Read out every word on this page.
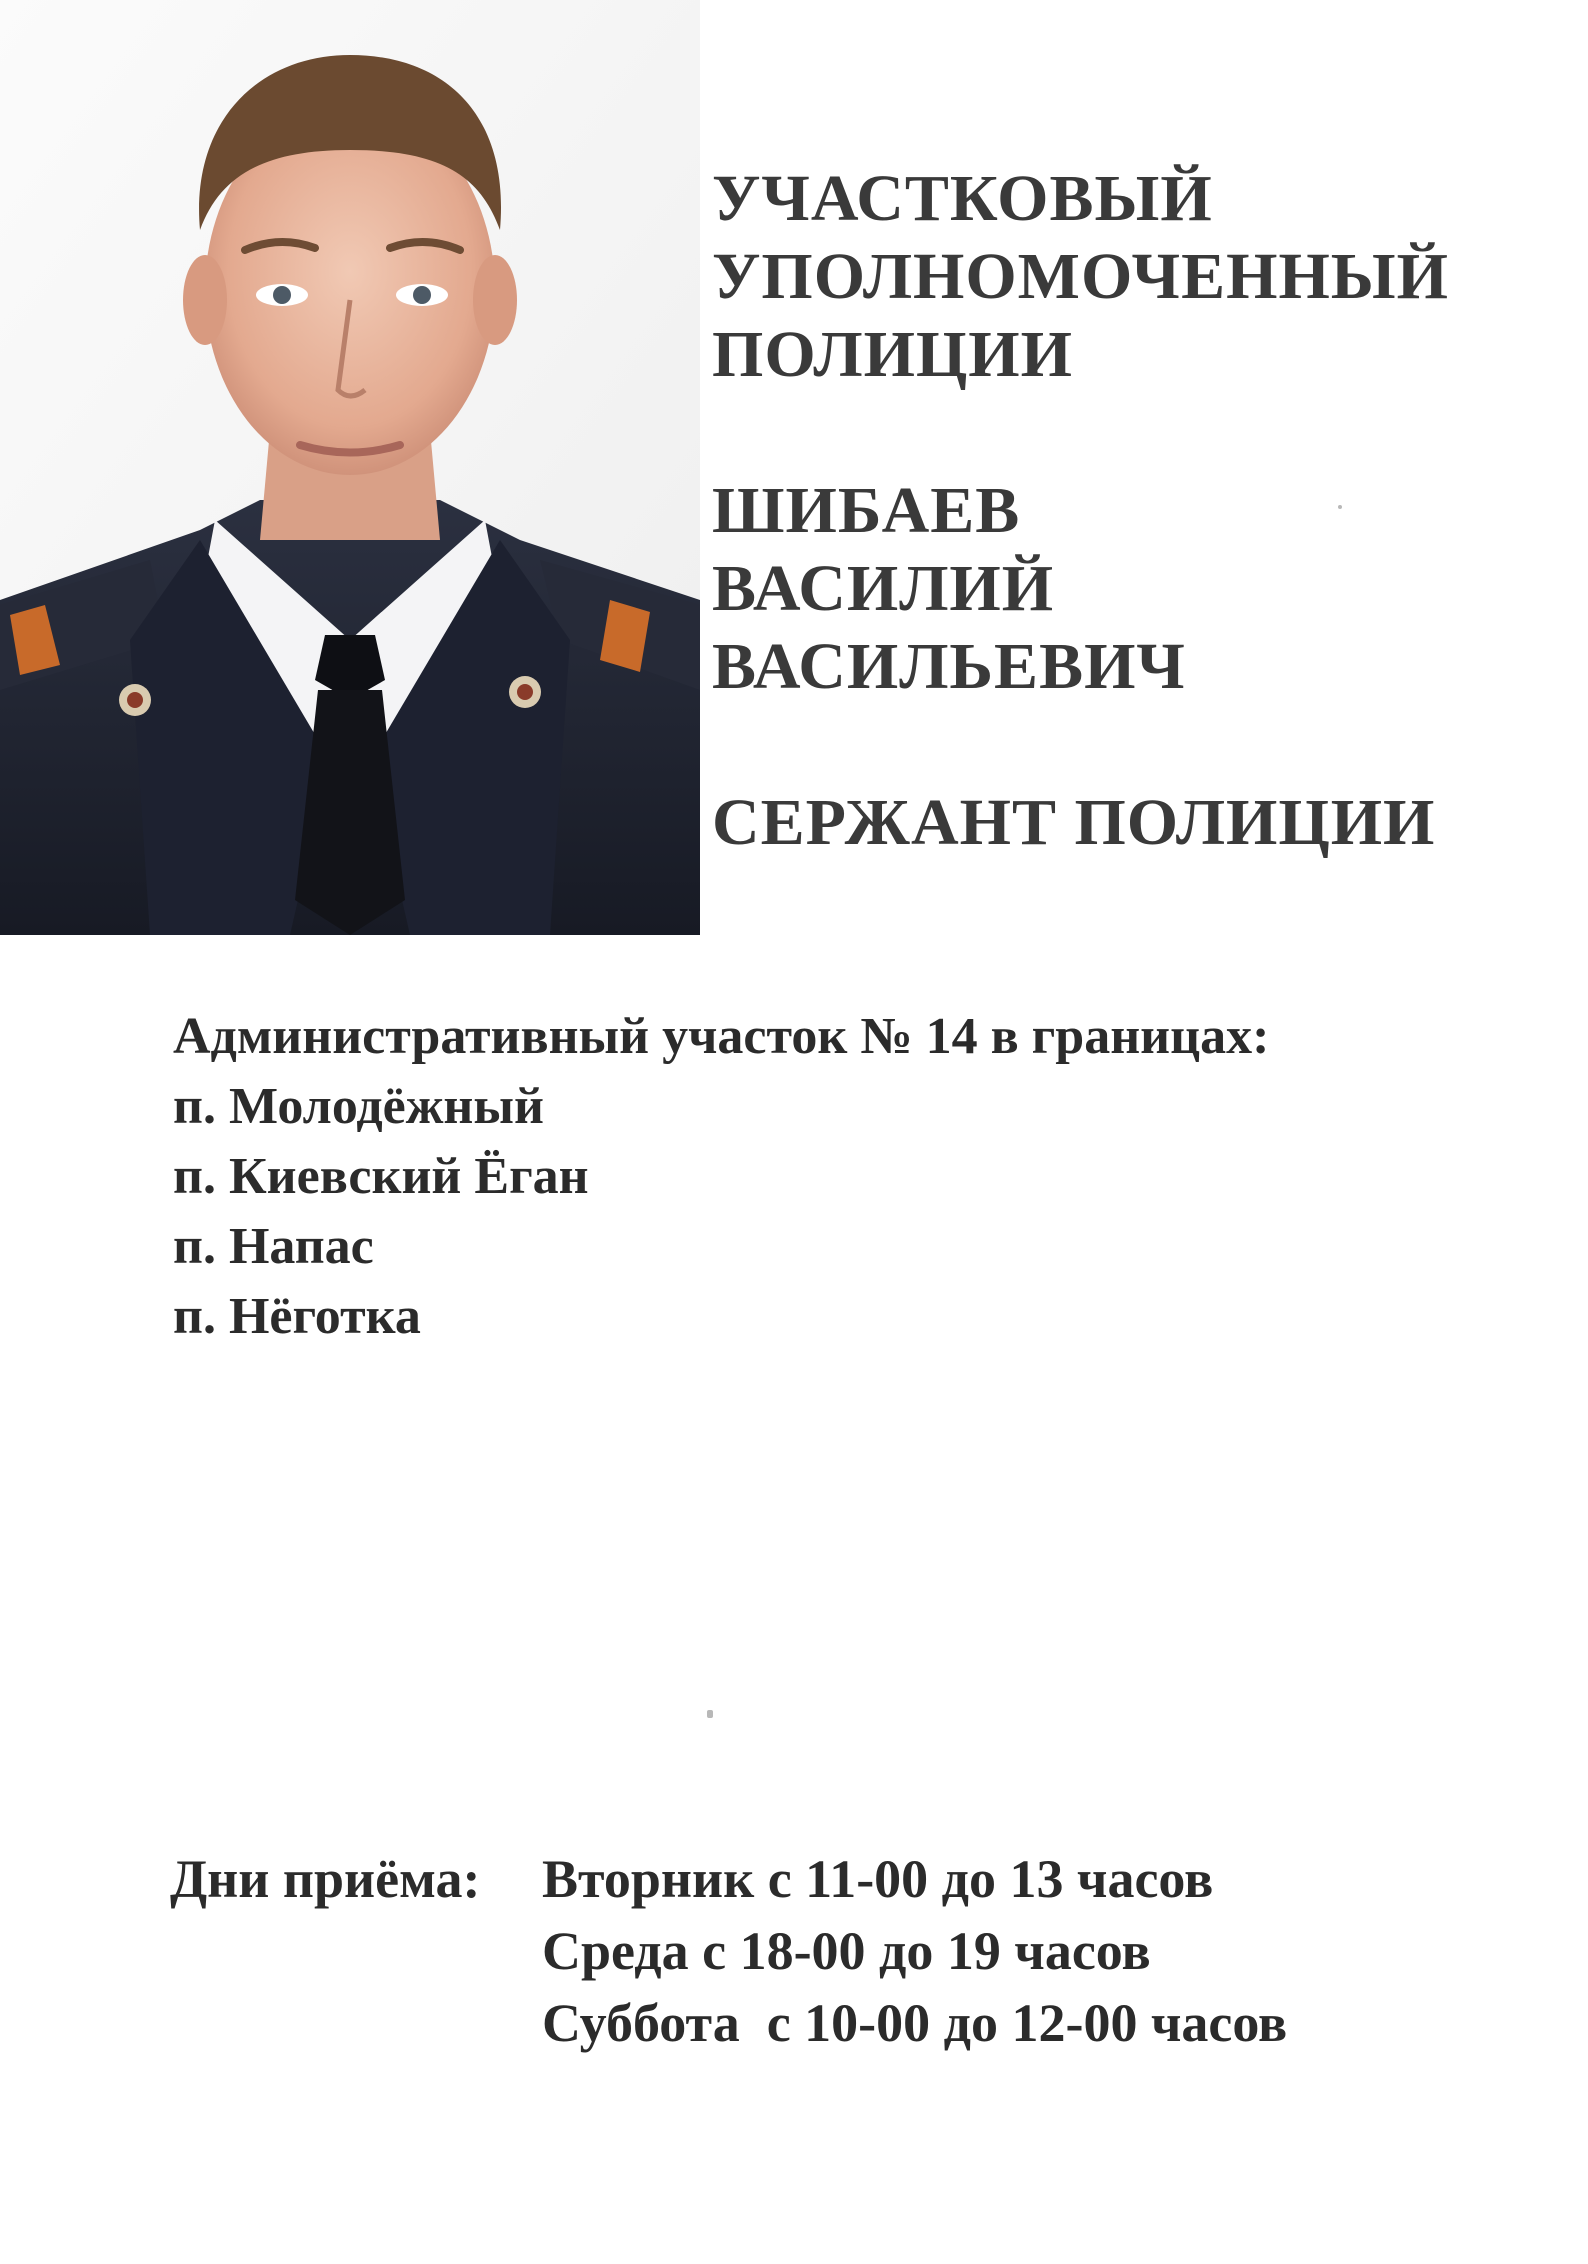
УЧАСТКОВЫЙ
УПОЛНОМОЧЕННЫЙ
ПОЛИЦИИ
ШИБАЕВ
ВАСИЛИЙ
ВАСИЛЬЕВИЧ
СЕРЖАНТ ПОЛИЦИИ
Административный участок № 14 в границах:
п. Молодёжный
п. Киевский Ёган
п. Напас
п. Нёготка
Дни приёма:	Вторник с 11-00 до 13 часов
Среда с 18-00 до 19 часов
Суббота  с 10-00 до 12-00 часов
